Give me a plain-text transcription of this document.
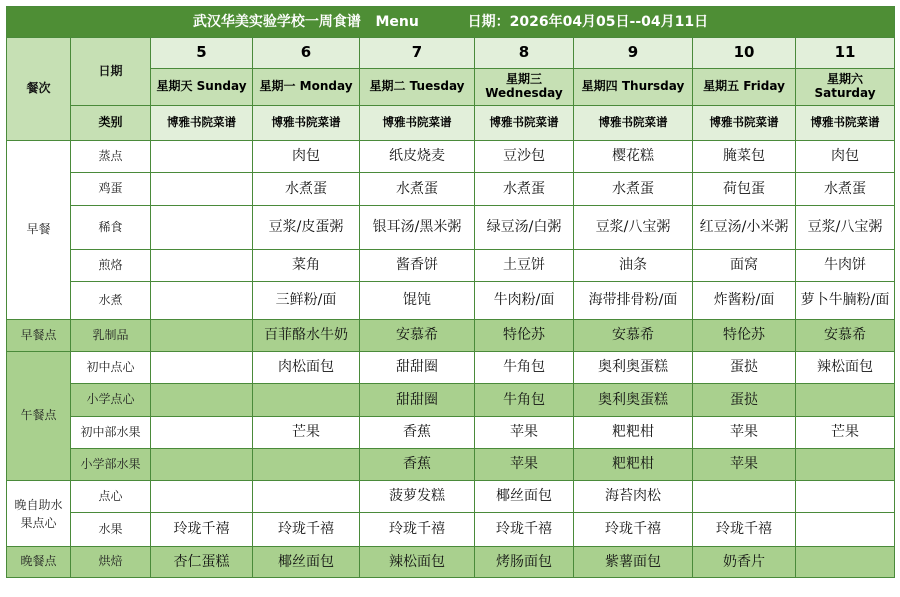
武汉华美实验学校一周食谱   Menu 日期：2026年04月05日--04月11日								
餐次	日期	5	6	7	8	9	10	11
		星期天 Sunday	星期一 Monday	星期二 Tuesday	星期三 Wednesday	星期四 Thursday	星期五 Friday	星期六 Saturday
	类别	博雅书院菜谱	博雅书院菜谱	博雅书院菜谱	博雅书院菜谱	博雅书院菜谱	博雅书院菜谱	博雅书院菜谱
早餐	蒸点		肉包	纸皮烧麦	豆沙包	樱花糕	腌菜包	肉包
	鸡蛋		水煮蛋	水煮蛋	水煮蛋	水煮蛋	荷包蛋	水煮蛋
	稀食		豆浆/皮蛋粥	银耳汤/黑米粥	绿豆汤/白粥	豆浆/八宝粥	红豆汤/小米粥	豆浆/八宝粥
	煎烙		菜角	酱香饼	土豆饼	油条	面窝	牛肉饼
	水煮		三鲜粉/面	馄饨	牛肉粉/面	海带排骨粉/面	炸酱粉/面	萝卜牛腩粉/面
早餐点	乳制品		百菲酪水牛奶	安慕希	特伦苏	安慕希	特伦苏	安慕希
午餐点	初中点心		肉松面包	甜甜圈	牛角包	奥利奥蛋糕	蛋挞	辣松面包
	小学点心			甜甜圈	牛角包	奥利奥蛋糕	蛋挞	
	初中部水果		芒果	香蕉	苹果	粑粑柑	苹果	芒果
	小学部水果			香蕉	苹果	粑粑柑	苹果	
晚自助水果点心	点心			菠萝发糕	椰丝面包	海苔肉松		
	水果	玲珑千禧	玲珑千禧	玲珑千禧	玲珑千禧	玲珑千禧	玲珑千禧	
晚餐点	烘焙	杏仁蛋糕	椰丝面包	辣松面包	烤肠面包	紫薯面包	奶香片	
